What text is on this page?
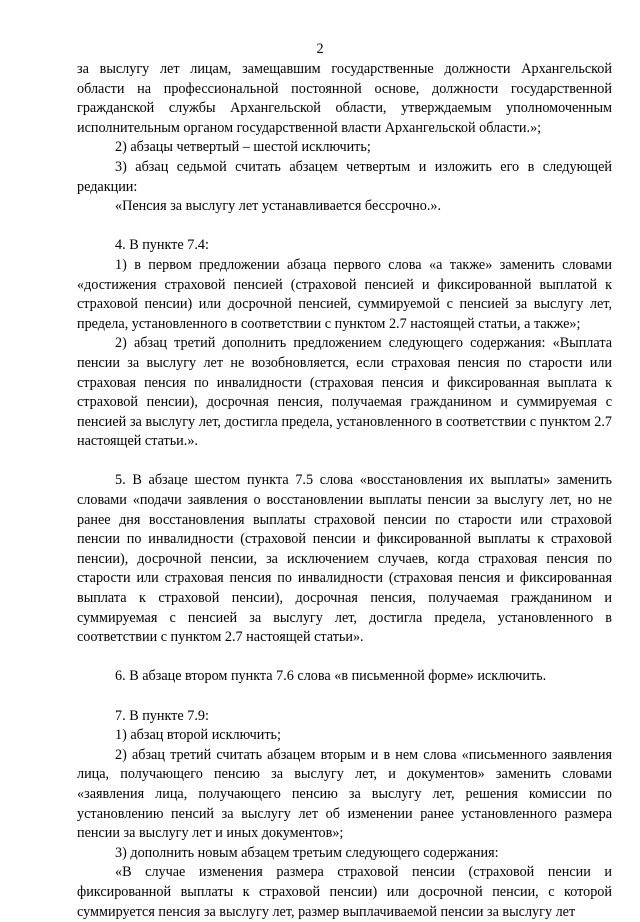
2

за выслугу лет лицам, замещавшим государственные должности Архангельской области на профессиональной постоянной основе, должности государственной гражданской службы Архангельской области, утверждаемым уполномоченным исполнительным органом государственной власти Архангельской области.»;

2) абзацы четвертый – шестой исключить;

3) абзац седьмой считать абзацем четвертым и изложить его в следующей редакции:

«Пенсия за выслугу лет устанавливается бессрочно.».

4. В пункте 7.4:

1) в первом предложении абзаца первого слова «а также» заменить словами «достижения страховой пенсией (страховой пенсией и фиксированной выплатой к страховой пенсии) или досрочной пенсией, суммируемой с пенсией за выслугу лет, предела, установленного в соответствии с пунктом 2.7 настоящей статьи, а также»;

2) абзац третий дополнить предложением следующего содержания: «Выплата пенсии за выслугу лет не возобновляется, если страховая пенсия по старости или страховая пенсия по инвалидности (страховая пенсия и фиксированная выплата к страховой пенсии), досрочная пенсия, получаемая гражданином и суммируемая с пенсией за выслугу лет, достигла предела, установленного в соответствии с пунктом 2.7 настоящей статьи.».

5. В абзаце шестом пункта 7.5 слова «восстановления их выплаты» заменить словами «подачи заявления о восстановлении выплаты пенсии за выслугу лет, но не ранее дня восстановления выплаты страховой пенсии по старости или страховой пенсии по инвалидности (страховой пенсии и фиксированной выплаты к страховой пенсии), досрочной пенсии, за исключением случаев, когда страховая пенсия по старости или страховая пенсия по инвалидности (страховая пенсия и фиксированная выплата к страховой пенсии), досрочная пенсия, получаемая гражданином и суммируемая с пенсией за выслугу лет, достигла предела, установленного в соответствии с пунктом 2.7 настоящей статьи».

6. В абзаце втором пункта 7.6 слова «в письменной форме» исключить.

7. В пункте 7.9:

1) абзац второй исключить;

2) абзац третий считать абзацем вторым и в нем слова «письменного заявления лица, получающего пенсию за выслугу лет, и документов» заменить словами «заявления лица, получающего пенсию за выслугу лет, решения комиссии по установлению пенсий за выслугу лет об изменении ранее установленного размера пенсии за выслугу лет и иных документов»;

3) дополнить новым абзацем третьим следующего содержания:

«В случае изменения размера страховой пенсии (страховой пенсии и фиксированной выплаты к страховой пенсии) или досрочной пенсии, с которой суммируется пенсия за выслугу лет, размер выплачиваемой пенсии за выслугу лет
